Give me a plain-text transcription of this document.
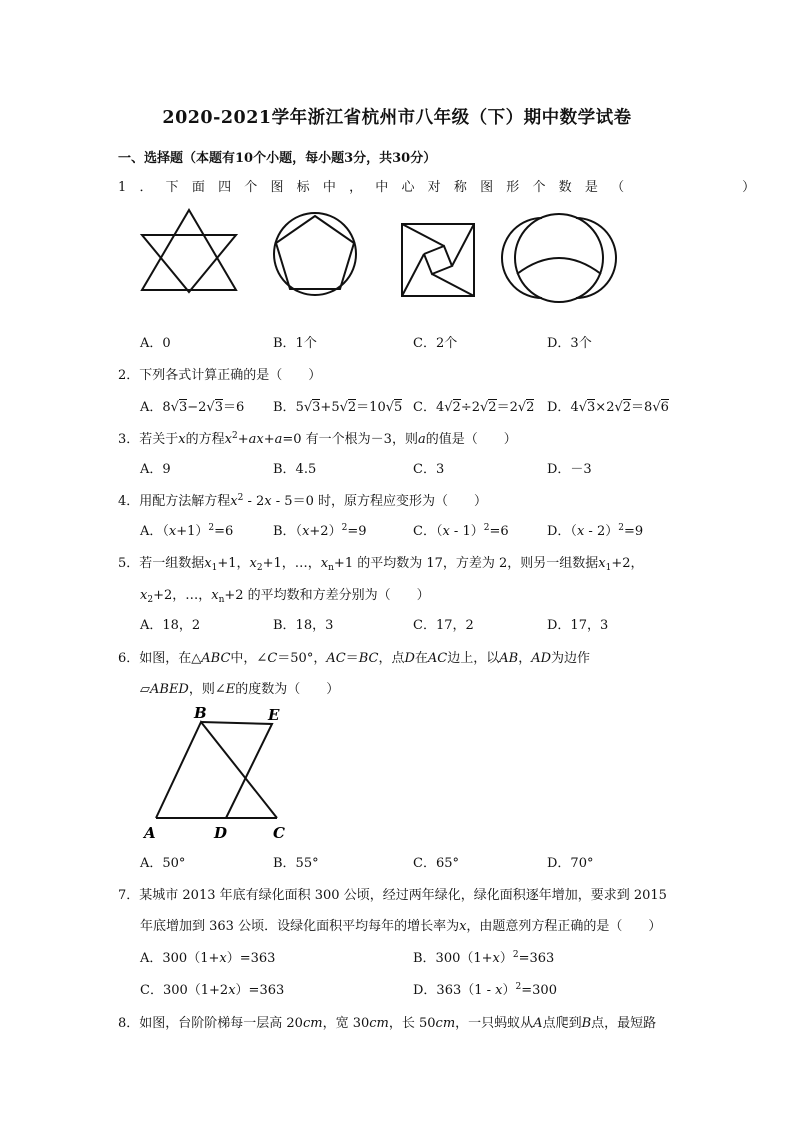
2020-2021学年浙江省杭州市八年级（下）期中数学试卷
一、选择题（本题有10个小题，每小题3分，共30分）
1．下面四个图标中，中心对称图形个数是（　　　　）
A．0	B．1个	C．2个	D．3个
2．下列各式计算正确的是（　　）
A．8√3−2√3＝6 B．5√3+5√2＝10√5 C．4√2÷2√2＝2√2 D．4√3×2√2＝8√6
3．若关于x的方程$x^2+ax+a=0$ 有一个根为－3，则a的值是（　　）
A．9	B．4.5	C．3	D．－3
4．用配方法解方程$x^2 - 2x - 5=0$ 时，原方程应变形为（　　）
A．$(x+1)^2=6$	B．$(x+2)^2=9$	C．（x - 1）$^2$=6	D．（x - 2）$^2$=9
5．若一组数据$x_1+1$，$x_2+1$，…，$x_n+1$ 的平均数为 17，方差为 2，则另一组数据$x_1+2$，
$x_2+2$，…，$x_n+2$ 的平均数和方差分别为（　　）
A．18，2	B．18，3	C．17，2	D．17，3
6．如图，在△ABC中，∠C＝50°，AC＝BC，点D在AC边上，以AB，AD为边作
▱ABED，则∠E的度数为（　　）
B	E
A	D	C
A．50°	B．55°	C．65°	D．70°
7．某城市 2013 年底有绿化面积 300 公顷，经过两年绿化，绿化面积逐年增加，要求到 2015
年底增加到 363 公顷．设绿化面积平均每年的增长率为x，由题意列方程正确的是（　　）
A．300（1+x）=363	B．$300(1+x)^2=363$
C．300（1+2x）=363	D．363（1 - x）$^2$=300
8．如图，台阶阶梯每一层高 20cm，宽 30cm，长 50cm，一只蚂蚁从A点爬到B点，最短路
